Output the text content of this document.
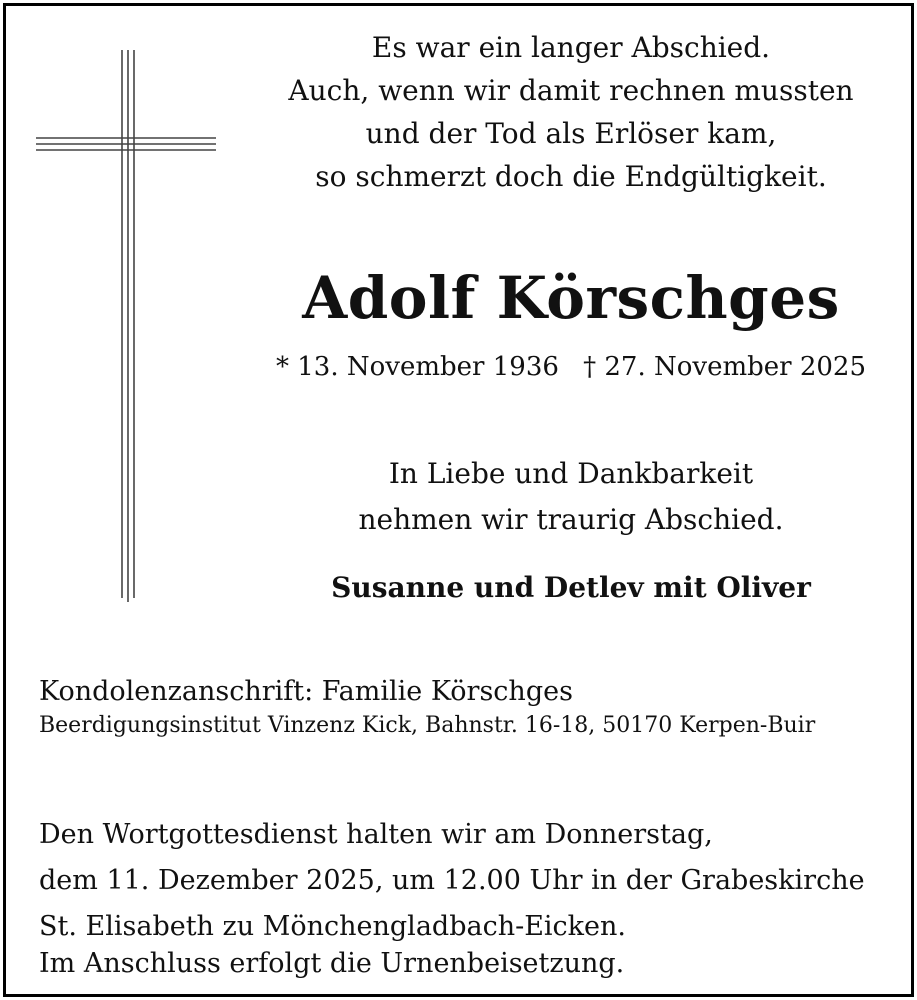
Es war ein langer Abschied.
Auch, wenn wir damit rechnen mussten
und der Tod als Erlöser kam,
so schmerzt doch die Endgültigkeit.
Adolf Körschges
* 13. November 1936 † 27. November 2025
In Liebe und Dankbarkeit
nehmen wir traurig Abschied.
Susanne und Detlev mit Oliver
Kondolenzanschrift: Familie Körschges
Beerdigungsinstitut Vinzenz Kick, Bahnstr. 16-18, 50170 Kerpen-Buir
Den Wortgottesdienst halten wir am Donnerstag,
dem 11. Dezember 2025, um 12.00 Uhr in der Grabeskirche
St. Elisabeth zu Mönchengladbach-Eicken.
Im Anschluss erfolgt die Urnenbeisetzung.
